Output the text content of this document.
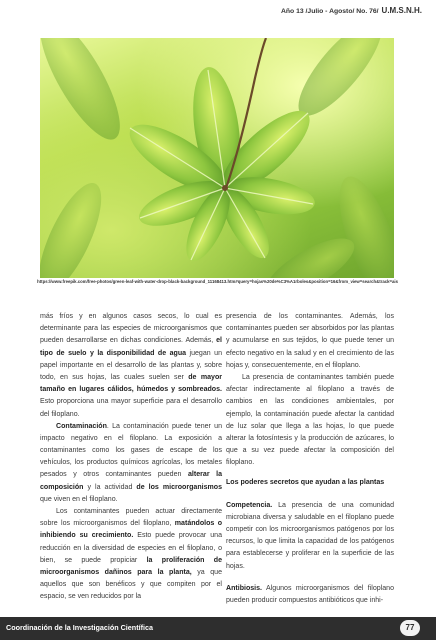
Año 13 /Julio - Agosto/ No. 76/ U.M.S.N.H.
https://www.freepik.com/free-photos/green-leaf-with-water-drop-black-background_11168413.htm#query=hojas%20de%C3%A1rboles&position=16&from_view=search&track=ais

más fríos y en algunos casos secos, lo cual es determinante para las especies de microorganismos que pueden desarrollarse en dichas condiciones. Además, el tipo de suelo y la disponibilidad de agua juegan un papel importante en el desarrollo de las plantas y, sobre todo, en sus hojas, las cuales suelen ser de mayor tamaño en lugares cálidos, húmedos y sombreados. Esto proporciona una mayor superficie para el desarrollo del filoplano.

Contaminación. La contaminación puede tener un impacto negativo en el filoplano. La exposición a contaminantes como los gases de escape de los vehículos, los productos químicos agrícolas, los metales pesados y otros contaminantes pueden alterar la composición y la actividad de los microorganismos que viven en el filoplano.

Los contaminantes pueden actuar directamente sobre los microorganismos del filoplano, matándolos o inhibiendo su crecimiento. Esto puede provocar una reducción en la diversidad de especies en el filoplano, o bien, se puede propiciar la proliferación de microorganismos dañinos para la planta, ya que aquellos que son benéficos y que compiten por el espacio, se ven reducidos por la

presencia de los contaminantes. Además, los contaminantes pueden ser absorbidos por las plantas y acumularse en sus tejidos, lo que puede tener un efecto negativo en la salud y en el crecimiento de las hojas y, consecuentemente, en el filoplano.

La presencia de contaminantes también puede afectar indirectamente al filoplano a través de cambios en las condiciones ambientales, por ejemplo, la contaminación puede afectar la cantidad de luz solar que llega a las hojas, lo que puede alterar la fotosíntesis y la producción de azúcares, lo que a su vez puede afectar la composición del filoplano.

Los poderes secretos que ayudan a las plantas

Competencia. La presencia de una comunidad microbiana diversa y saludable en el filoplano puede competir con los microorganismos patógenos por los recursos, lo que limita la capacidad de los patógenos para establecerse y proliferar en la superficie de las hojas.

Antibiosis. Algunos microorganismos del filoplano pueden producir compuestos antibióticos que inhi-

Coordinación de la Investigación Científica	77
